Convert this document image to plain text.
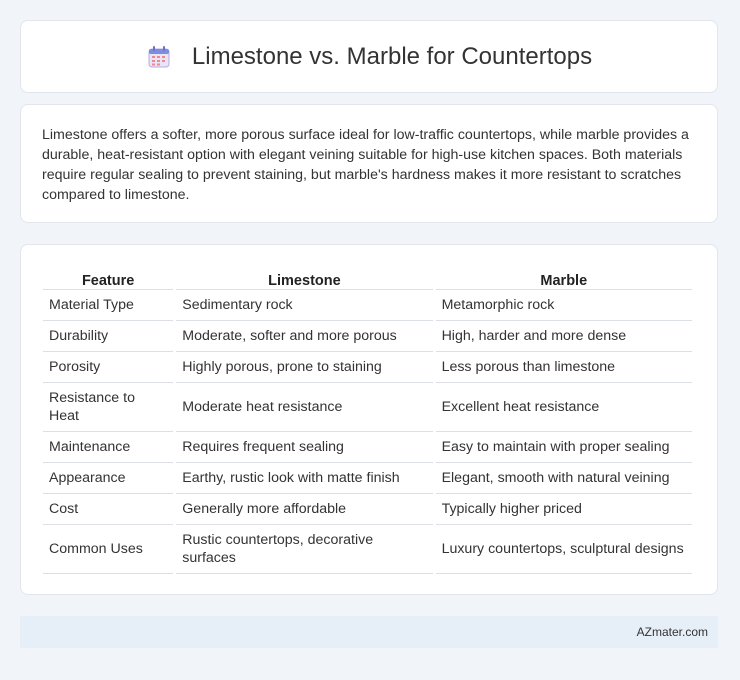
Limestone vs. Marble for Countertops

Limestone offers a softer, more porous surface ideal for low-traffic countertops, while marble provides a durable, heat-resistant option with elegant veining suitable for high-use kitchen spaces. Both materials require regular sealing to prevent staining, but marble's hardness makes it more resistant to scratches compared to limestone.

Feature	Limestone	Marble
Material Type	Sedimentary rock	Metamorphic rock
Durability	Moderate, softer and more porous	High, harder and more dense
Porosity	Highly porous, prone to staining	Less porous than limestone
Resistance to Heat	Moderate heat resistance	Excellent heat resistance
Maintenance	Requires frequent sealing	Easy to maintain with proper sealing
Appearance	Earthy, rustic look with matte finish	Elegant, smooth with natural veining
Cost	Generally more affordable	Typically higher priced
Common Uses	Rustic countertops, decorative surfaces	Luxury countertops, sculptural designs
AZmater.com
